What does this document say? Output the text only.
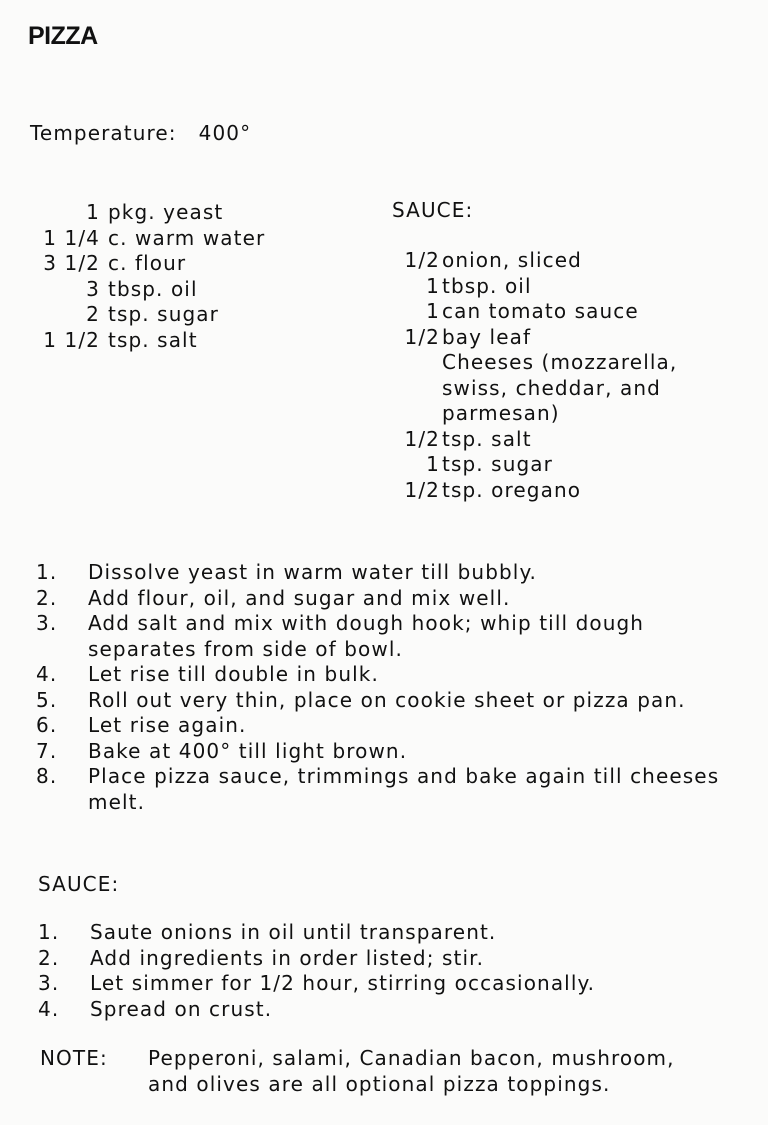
PIZZA
Temperature: 400°
1 pkg. yeast
1 1/4 c. warm water
3 1/2 c. flour
3 tbsp. oil
2 tsp. sugar
1 1/2 tsp. salt
SAUCE:
1/2 onion, sliced
1 tbsp. oil
1 can tomato sauce
1/2 bay leaf
Cheeses (mozzarella,
swiss, cheddar, and
parmesan)
1/2 tsp. salt
1 tsp. sugar
1/2 tsp. oregano
1.	Dissolve yeast in warm water till bubbly.
2.	Add flour, oil, and sugar and mix well.
3.	Add salt and mix with dough hook; whip till dough separates from side of bowl.
4.	Let rise till double in bulk.
5.	Roll out very thin, place on cookie sheet or pizza pan.
6.	Let rise again.
7.	Bake at 400° till light brown.
8.	Place pizza sauce, trimmings and bake again till cheeses melt.
SAUCE:
1.	Saute onions in oil until transparent.
2.	Add ingredients in order listed; stir.
3.	Let simmer for 1/2 hour, stirring occasionally.
4.	Spread on crust.
NOTE:	Pepperoni, salami, Canadian bacon, mushroom,
and olives are all optional pizza toppings.
